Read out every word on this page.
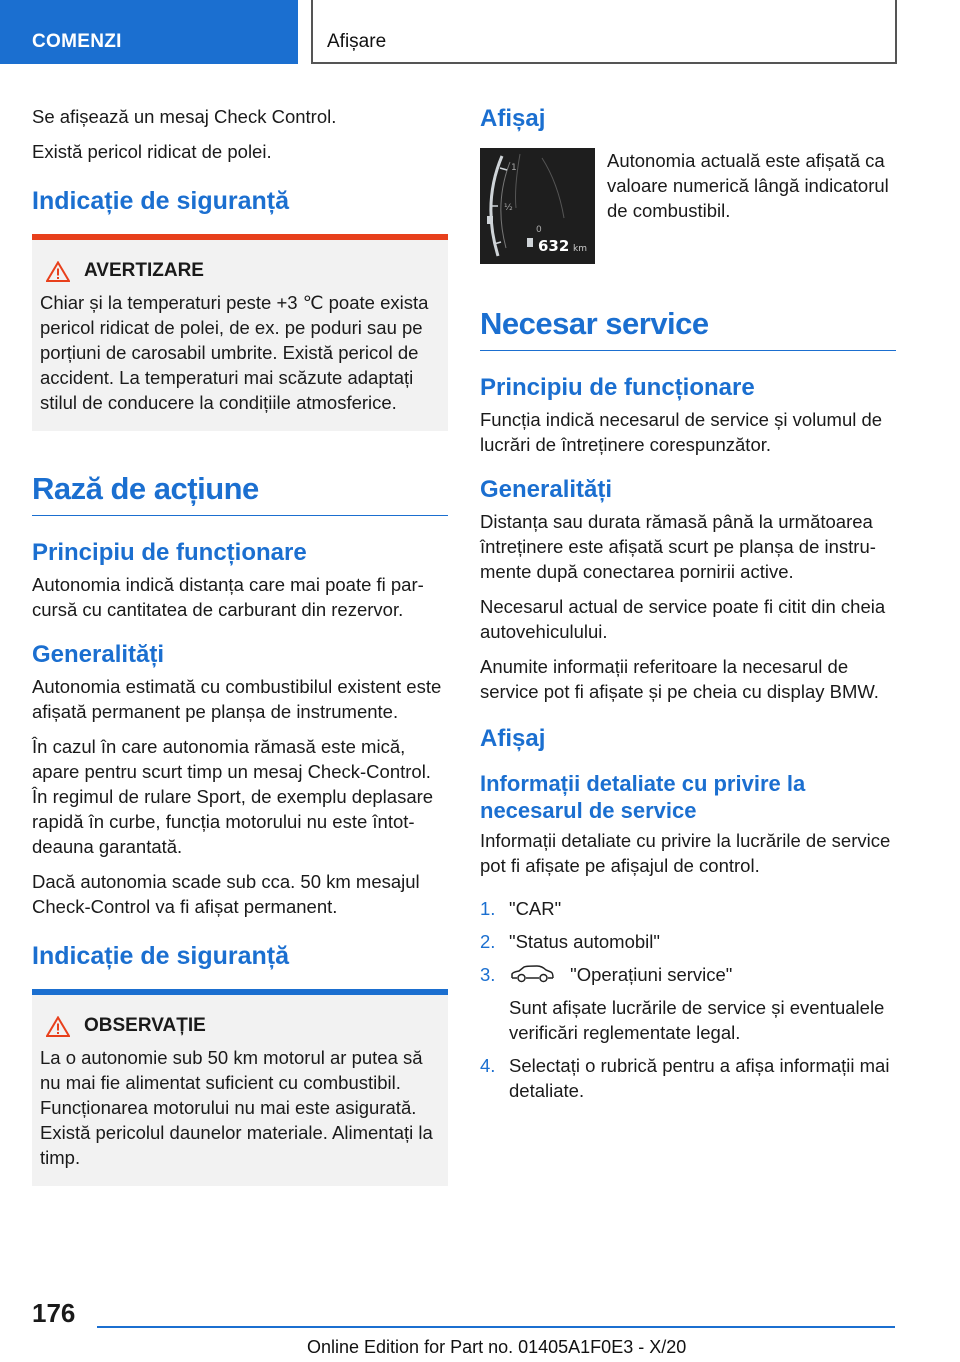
COMENZI	Afișare

Se afișează un mesaj Check Control.

Există pericol ridicat de polei.

Indicație de siguranță
AVERTIZARE

Chiar și la temperaturi peste +3 ℃ poate exista pericol ridicat de polei, de ex. pe poduri sau pe porțiuni de carosabil umbrite. Există pericol de accident. La temperaturi mai scăzute adaptați stilul de conducere la condițiile atmosferice.

Rază de acțiune
Principiu de funcționare

Autonomia indică distanța care mai poate fi parcursă cu cantitatea de carburant din rezervor.

Generalități

Autonomia estimată cu combustibilul existent este afișată permanent pe planșa de instrumente.

În cazul în care autonomia rămasă este mică, apare pentru scurt timp un mesaj Check-Control. În regimul de rulare Sport, de exemplu deplasare rapidă în curbe, funcția motorului nu este întotdeauna garantată.

Dacă autonomia scade sub cca. 50 km mesajul Check-Control va fi afișat permanent.

Indicație de siguranță
OBSERVAȚIE

La o autonomie sub 50 km motorul ar putea să nu mai fie alimentat suficient cu combustibil. Funcționarea motorului nu mai este asigurată. Există pericolul daunelor materiale. Alimentați la timp.

Afișaj
1
½
0
632 km

Autonomia actuală este afișată ca valoare numerică lângă indicatorul de combustibil.

Necesar service
Principiu de funcționare

Funcția indică necesarul de service și volumul de lucrări de întreținere corespunzător.

Generalități

Distanța sau durata rămasă până la următoarea întreținere este afișată scurt pe planșa de instrumente după conectarea pornirii active.

Necesarul actual de service poate fi citit din cheia autovehiculului.

Anumite informații referitoare la necesarul de service pot fi afișate și pe cheia cu display BMW.

Afișaj
Informații detaliate cu privire la necesarul de service

Informații detaliate cu privire la lucrările de service pot fi afișate pe afișajul de control.

1. "CAR"
2. "Status automobil"
3.	"Operațiuni service"
Sunt afișate lucrările de service și eventualele verificări reglementate legal.
4. Selectați o rubrică pentru a afișa informații mai detaliate.
176
Online Edition for Part no. 01405A1F0E3 - X/20
